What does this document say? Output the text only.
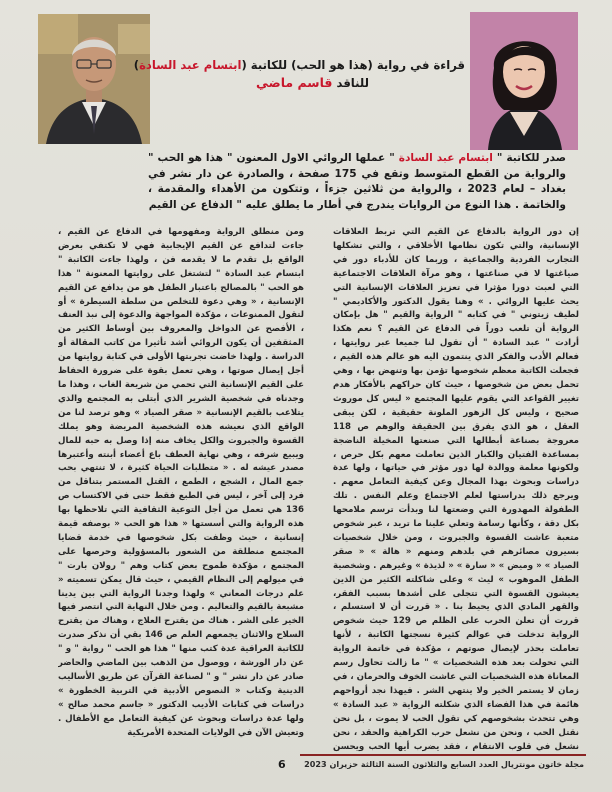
قراءة في رواية (هذا هو الحب) للكاتبة (ابتسام عبد السادة)
للناقد قاسم ماضي
صدر للكاتبة " ابتسام عبد السادة " عملها الروائي الاول المعنون " هذا هو الحب " والرواية من القطع المتوسط وتقع في 175 صفحة ، والصادرة عن دار نشر في بغداد – لعام 2023 ، والرواية من ثلاثين جزءاً ، وتتكون من الأهداء والمقدمة ، والخاتمة . هذا النوع من الروايات يندرج في أطار ما يطلق عليه " الدفاع عن القيم

إن دور الرواية بالدفاع عن القيم التي تربط العلاقات الإنسانية، والتي تكون نظامها الأخلاقي ، والتي تشكلها التجارب الفردية والجماعية ، وربما كان للأدباء دور في صياغتها لا في صناعتها ، وهو مرآة العلاقات الاجتماعية التي لعبت دورا مؤثرا في تعزيز العلاقات الإنسانية التي يحث عليها الروائي . » وهنا يقول الدكتور والأكاديمي " لطيف زيتوني " في كتابه " الرواية والقيم " هل بإمكان الرواية أن تلعب دوراً في الدفاع عن القيم ؟ نعم هكذا أرادت " عبد السادة " أن تقول لنا جميعا عبر روايتها ، فعالم الأدب والفكر الذي ينتمون اليه هو عالم هذه القيم ، فجعلت الكاتبة معظم شخوصها تؤمن بها وتنهض بها ، وهي تحمل بعض من شخوصها ، حيث كان حراكهم بالأفكار هدم تغيير القواعد التي يقوم عليها المجتمع « ليس كل موروث صحيح ، وليس كل الزهور الملونة حقيقية ، لكن يبقى العقل ، هو الذي يفرق بين الحقيقة والوهم ص 118 معروجة بصناعة أبطالها التي صنعتها المخيلة الناضجة بمساعدة الفتيان والكبار الذين تعاملت معهم بكل حرص ، ولكونها معلمة ووالدة لها دور مؤثر في حياتها ، ولها عدة دراسات وبحوث بهذا المجال وعن كيفية التعامل معهم . ويرجع ذلك بدراستها لعلم الاجتماع وعلم النفس . تلك الطفولة المهدورة التي وضعتها لنا وبدأت ترسم ملامحها بكل دقة ، وكأنها رسامة وتعلي علينا ما تريد ، عبر شخوص متعبة عاشت القسوة والجبروت ، ومن خلال شخصيات بسيرون مصائرهم في بلدهم ومنهم « هالة » « صقر الصياد » « وميض » « سارة » « لذيذة » وغيرهم . وشخصية الطفل الموهوب » ليث » وعلى شاكلته الكثير من الذين يعيشون القسوة التي تتجلى على أشدها بسبب الفقر، والقهر المادي الذي يحيط بنا . « قررت أن لا استسلم ، قررت أن تعلن الحرب على الظلم ص 129 حيث شخوص الرواية تدخلت في عوالم كثيرة نسجتها الكاتبة ، لأنها تعاملت بحذر لإيصال صوتهم ، مؤكدة في خاتمة الرواية التي تحولت بعد هذه الشخصيات » " ما زالت تحاول رسم المعاناة هذه الشخصيات التي عاشت الخوف والحرمان ، في زمان لا يستمر الخير ولا ينتهي الشر . فيهذا نجد أرواحهم هائمة في هذا الفضاء الذي شكلته الرواية « عبد السادة » وهي تتحدث بشخوصهم كي تقول الحب لا يموت ، بل نحن نقتل الحب ، ونحن من نشعل حرب الكراهية والحقد ، نحن نشعل في قلوب الانتقام ، فقد يضرب أيها الحب ويحسن

ومن منطلق الرواية ومفهومها في الدفاع عن القيم ، جاءت لتدافع عن القيم الإيجابية فهي لا تكتفي بعرض الواقع بل تقدم ما لا يقدمه فن ، ولهذا جاءت الكاتبة " ابتسام عبد السادة " لتشتغل على روايتها المعنونة " هذا هو الحب " بالمصالح باعتبار الطفل هو من يدافع عن القيم الإنسانية ، « وهي دعوة للتخلص من سلطة السيطرة » أو لتقول الممنوعات ، مؤكدة المواجهة والدعوة إلى نبذ العنف ، الأفصح عن الدواخل والمعروف بين أوساط الكثير من المثقفين أن يكون الروائي أشد تأثيرا من كاتب المقالة أو الدراسة . ولهذا خاضت تجربتها الأولى في كتابة روايتها من أجل إيصال صوتها ، وهي تعمل بقوة على ضرورة الحفاظ على القيم الإنسانية التي تحمي من شريعة الغاب ، وهذا ما وجدناه في شخصية الشرير الذي أبتلى به المجتمع والذي يتلاعب بالقيم الإنسانية « صقر الصياد » وهو ترصد لنا من الواقع الذي نعيشه هذه الشخصية المريضة وهو يملك القسوة والجبروت والكل يخاف منه إذا وصل به حبه للمال ويبيع شرفه ، وهي نهاية العطف باع أعضاء أبنته وأعتبرها مصدر عيشه له . « متطلبات الحياة كثيرة ، لا تنتهي بحب جمع المال ، الشجع ، الطمع ، القتل المستمر بتناقل من فرد إلى آخر ، ليس في الطبع فقط حتى في الاكتساب ص 136 هي تعمل من أجل التوعية الثقافية التي تلاحظها بها هذه الرواية والتي أسستها « هذا هو الحب « بوصفه قيمة إنسانية ، حيث وظفت بكل شخوصها في خدمة قضايا المجتمع منطلقة من الشعور بالمسؤولية وحرصها على المجتمع ، مؤكدة طموح بعض كتاب وهم " رولان بارت " في ميولهم إلى النظام القيمي ، حيث قال يمكن تسميته « علم درجات المعاني » ولهذا وجدنا الرواية التي بين يدينا مشبعة بالقيم والتعاليم . ومن خلال النهاية التي انتصر فيها الخير على الشر . هناك من يقترح العلاج ، وهناك من يقترح السلاح والاثنان يجمعهم العلم ص 146 بقي أن نذكر صدرت للكاتبة العراقية عدة كتب منها " هذا هو الحب " رواية " و " عن دار الورشة ، ووصول من الذهب بين الماضي والحاضر صادر عن دار نشر " و " لصناعة القرآن عن طريق الأساليب الدينية وكتاب « النصوص الأدبية في التربية الخطورة » دراسات في كتابات الأديب الدكتور « جاسم محمد صالح » ولها عدة دراسات وبحوث عن كيفية التعامل مع الأطفال . وتعيش الآن في الولايات المتحدة الأمريكية

مجلة خاتون مونتريال العدد السابع والثلاثون السنة الثالثة حزيران 2023
6
